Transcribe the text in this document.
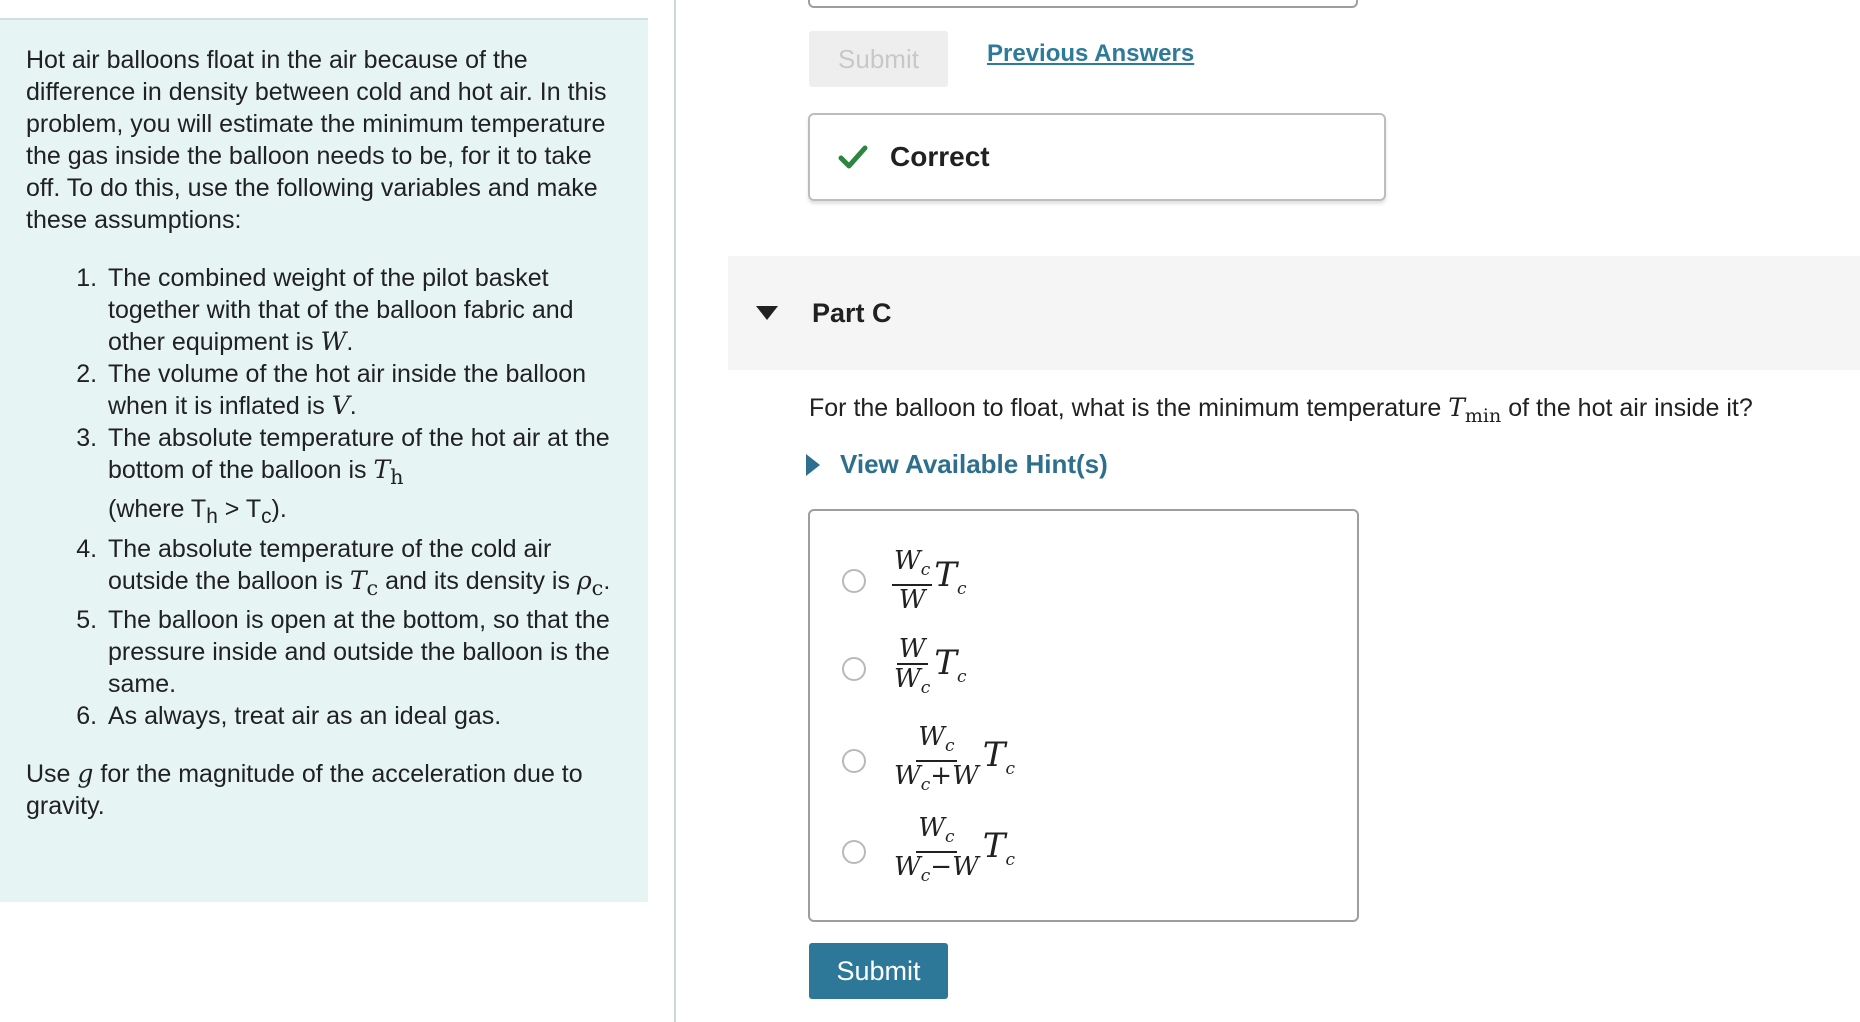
Hot air balloons float in the air because of the difference in density between cold and hot air. In this problem, you will estimate the minimum temperature the gas inside the balloon needs to be, for it to take off. To do this, use the following variables and make these assumptions:

1. The combined weight of the pilot basket together with that of the balloon fabric and other equipment is W.
2. The volume of the hot air inside the balloon when it is inflated is V.
3. The absolute temperature of the hot air at the bottom of the balloon is $T_h$
(where $T_h > T_c$).
4. The absolute temperature of the cold air outside the balloon is $T_c$ and its density is $\rho_c$.
5. The balloon is open at the bottom, so that the pressure inside and outside the balloon is the same.
6. As always, treat air as an ideal gas.

Use g for the magnitude of the acceleration due to gravity.

Submit	Previous Answers
Correct
Part C
For the balloon to float, what is the minimum temperature $T_{min}$ of the hot air inside it?
View Available Hint(s)
$\frac{W_c}{W} T_c$
$\frac{W}{W_c} T_c$
$\frac{W_c}{W_c+W} T_c$
$\frac{W_c}{W_c-W} T_c$
Submit
